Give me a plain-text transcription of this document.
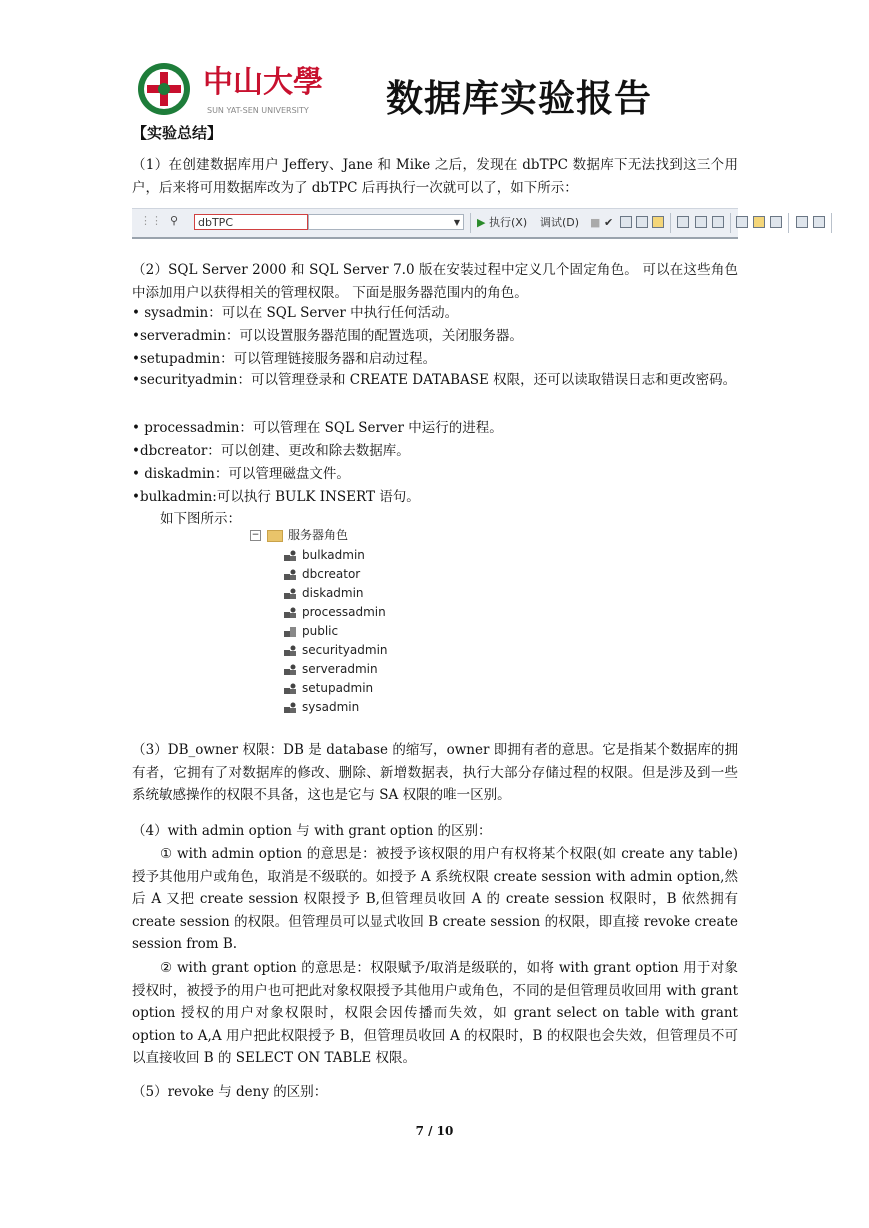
中山大學
SUN YAT-SEN UNIVERSITY 数据库实验报告
【实验总结】
（1）在创建数据库用户 Jeffery、Jane 和 Mike 之后，发现在 dbTPC 数据库下无法找到这三个用户，后来将可用数据库改为了 dbTPC 后再执行一次就可以了，如下所示：
⋮⋮ ⚲	dbTPC	▼ ▶ 执行(X) 调试(D) ■ ✔
（2）SQL Server 2000 和 SQL Server 7.0 版在安装过程中定义几个固定角色。 可以在这些角色中添加用户以获得相关的管理权限。 下面是服务器范围内的角色。
• sysadmin：可以在 SQL Server 中执行任何活动。
•serveradmin：可以设置服务器范围的配置选项，关闭服务器。
•setupadmin：可以管理链接服务器和启动过程。
•securityadmin：可以管理登录和 CREATE DATABASE 权限，还可以读取错误日志和更改密码。
• processadmin：可以管理在 SQL Server 中运行的进程。
•dbcreator：可以创建、更改和除去数据库。
• diskadmin：可以管理磁盘文件。
•bulkadmin:可以执行 BULK INSERT 语句。
如下图所示：
− 服务器角色
bulkadmin
dbcreator
diskadmin
processadmin
public
securityadmin
serveradmin
setupadmin
sysadmin
（3）DB_owner 权限：DB 是 database 的缩写，owner 即拥有者的意思。它是指某个数据库的拥有者，它拥有了对数据库的修改、删除、新增数据表，执行大部分存储过程的权限。但是涉及到一些系统敏感操作的权限不具备，这也是它与 SA 权限的唯一区别。
（4）with admin option 与 with grant option 的区别：
① with admin option 的意思是：被授予该权限的用户有权将某个权限(如 create any table)授予其他用户或角色，取消是不级联的。如授予 A 系统权限 create session with admin option,然后 A 又把 create session 权限授予 B,但管理员收回 A 的 create session 权限时，B 依然拥有 create session 的权限。但管理员可以显式收回 B create session 的权限，即直接 revoke create session from B.
② with grant option 的意思是：权限赋予/取消是级联的，如将 with grant option 用于对象授权时，被授予的用户也可把此对象权限授予其他用户或角色，不同的是但管理员收回用 with grant option 授权的用户对象权限时，权限会因传播而失效，如 grant select on table with grant option to A,A 用户把此权限授予 B，但管理员收回 A 的权限时，B 的权限也会失效，但管理员不可以直接收回 B 的 SELECT ON TABLE 权限。
（5）revoke 与 deny 的区别：
7 / 10
